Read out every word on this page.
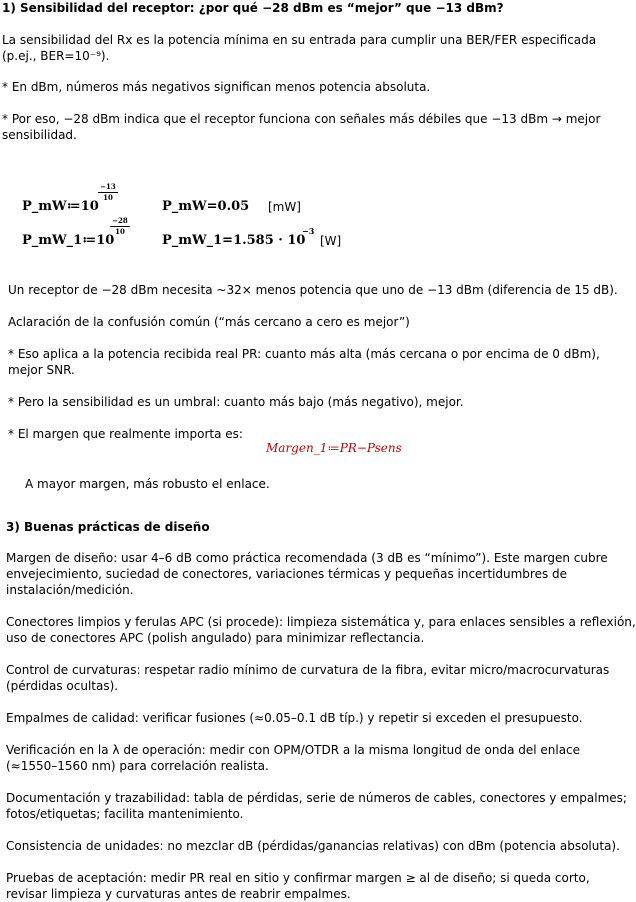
1) Sensibilidad del receptor: ¿por qué −28 dBm es “mejor” que −13 dBm?
La sensibilidad del Rx es la potencia mínima en su entrada para cumplir una BER/FER especificada (p.ej., BER=10⁻⁹).
* En dBm, números más negativos significan menos potencia absoluta.
* Por eso, −28 dBm indica que el receptor funciona con señales más débiles que −13 dBm → mejor sensibilidad.
P_mW≔10
−13
10
P_mW_1≔10
−28
10
P_mW=0.05 [mW]
P_mW_1=1.585 · 10
−3
[W]
Un receptor de −28 dBm necesita ~32× menos potencia que uno de −13 dBm (diferencia de 15 dB).
Aclaración de la confusión común (“más cercano a cero es mejor”)
* Eso aplica a la potencia recibida real PR: cuanto más alta (más cercana o por encima de 0 dBm), mejor SNR.
* Pero la sensibilidad es un umbral: cuanto más bajo (más negativo), mejor.
* El margen que realmente importa es:
Margen_1≔PR−Psens
A mayor margen, más robusto el enlace.
3) Buenas prácticas de diseño
Margen de diseño: usar 4–6 dB como práctica recomendada (3 dB es “mínimo”). Este margen cubre envejecimiento, suciedad de conectores, variaciones térmicas y pequeñas incertidumbres de instalación/medición.
Conectores limpios y ferulas APC (si procede): limpieza sistemática y, para enlaces sensibles a reflexión, uso de conectores APC (polish angulado) para minimizar reflectancia.
Control de curvaturas: respetar radio mínimo de curvatura de la fibra, evitar micro/macrocurvaturas (pérdidas ocultas).
Empalmes de calidad: verificar fusiones (≈0.05–0.1 dB típ.) y repetir si exceden el presupuesto.
Verificación en la λ de operación: medir con OPM/OTDR a la misma longitud de onda del enlace (≈1550–1560 nm) para correlación realista.
Documentación y trazabilidad: tabla de pérdidas, serie de números de cables, conectores y empalmes; fotos/etiquetas; facilita mantenimiento.
Consistencia de unidades: no mezclar dB (pérdidas/ganancias relativas) con dBm (potencia absoluta).
Pruebas de aceptación: medir PR real en sitio y confirmar margen ≥ al de diseño; si queda corto, revisar limpieza y curvaturas antes de reabrir empalmes.
